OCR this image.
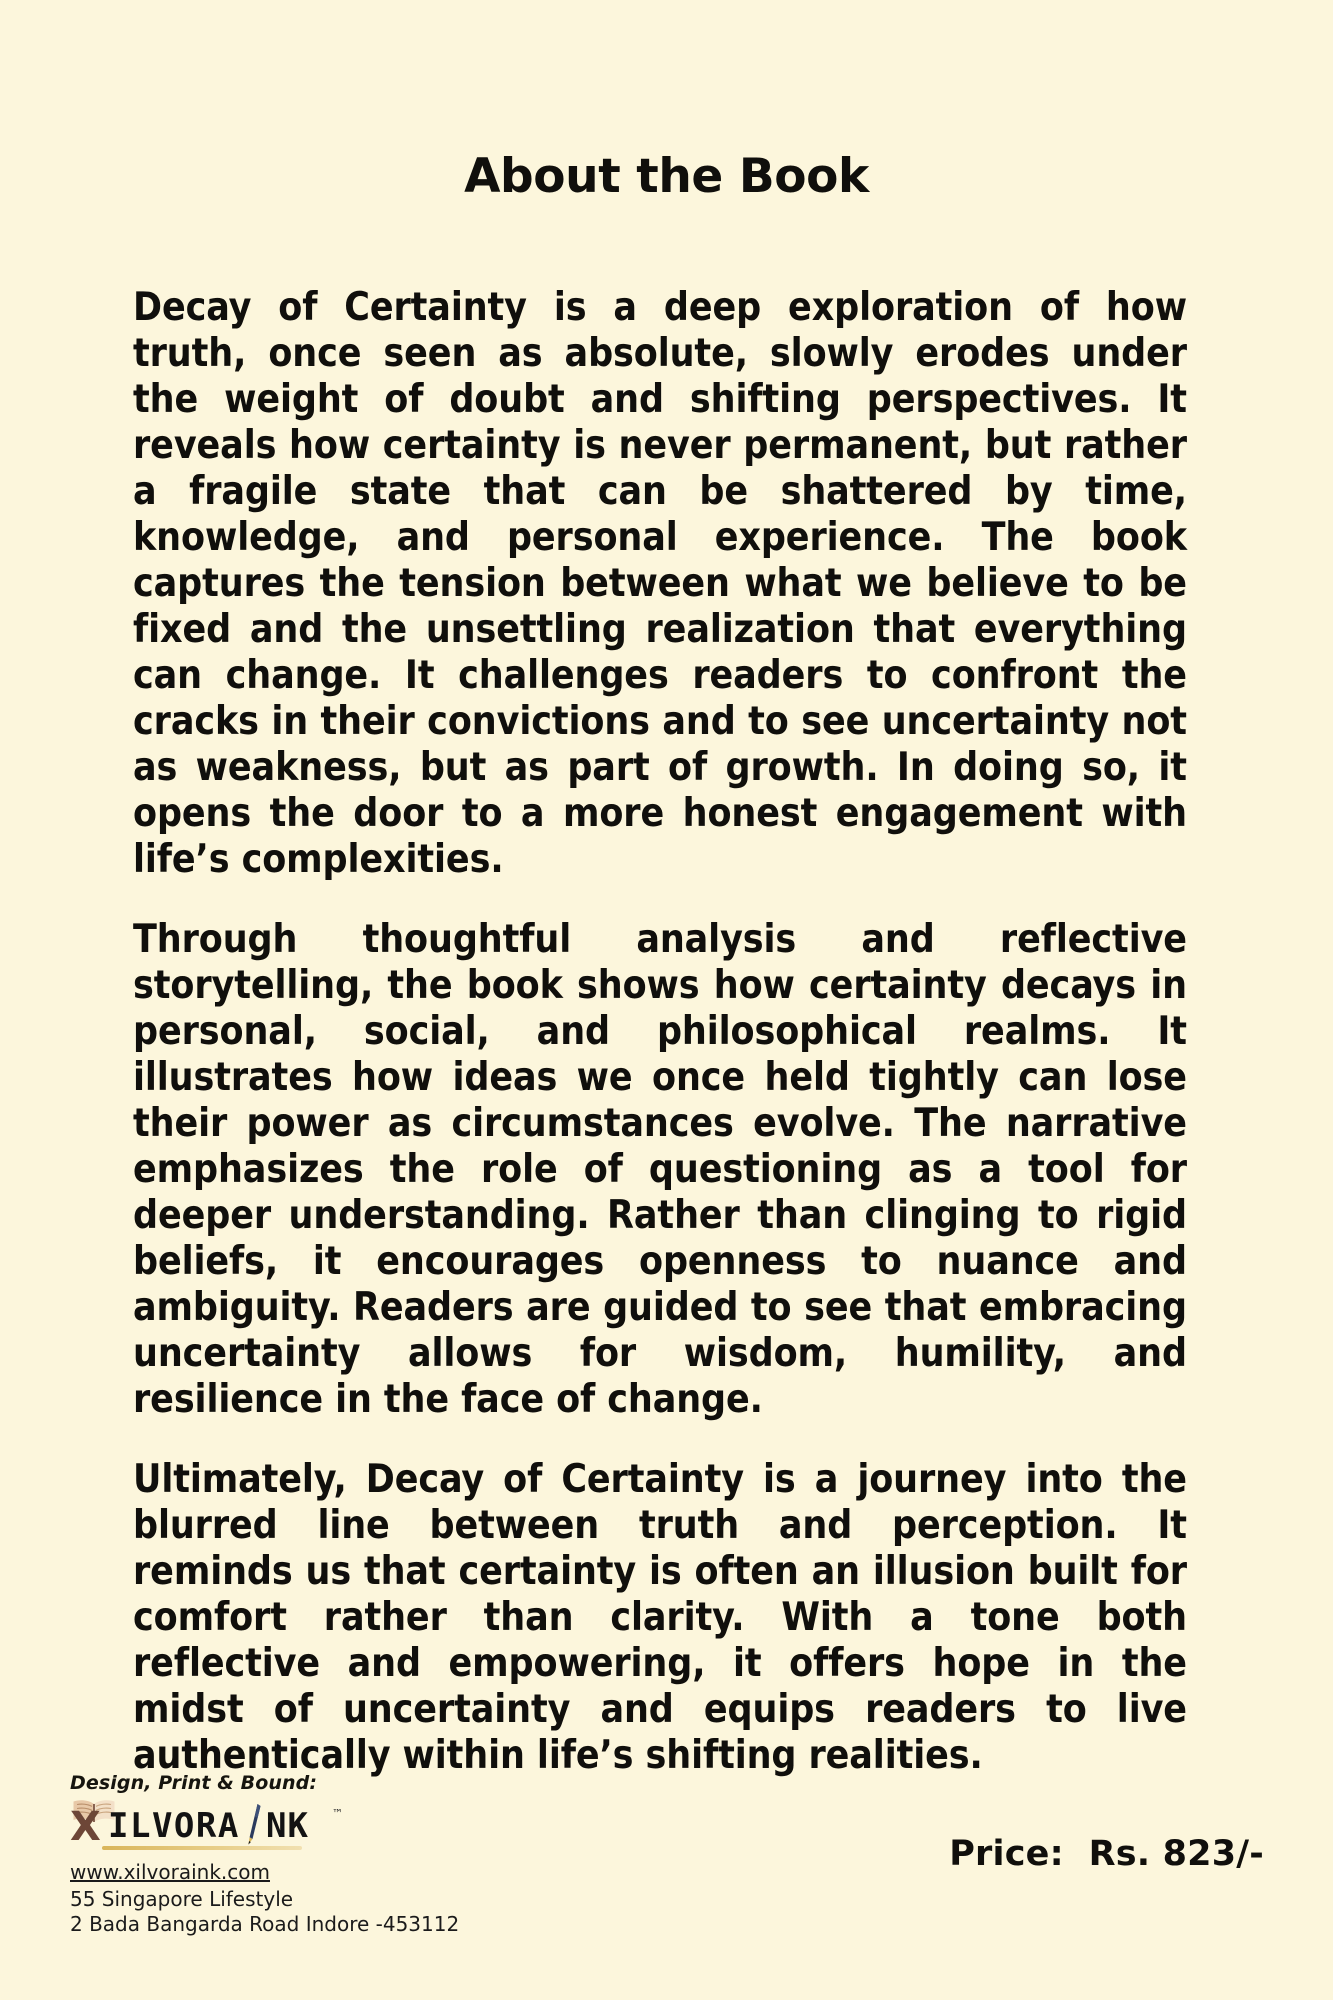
About the Book

Decay of Certainty is a deep exploration of how truth, once seen as absolute, slowly erodes under the weight of doubt and shifting perspectives. It reveals how certainty is never permanent, but rather a fragile state that can be shattered by time, knowledge, and personal experience. The book captures the tension between what we believe to be fixed and the unsettling realization that everything can change. It challenges readers to confront the cracks in their convictions and to see uncertainty not as weakness, but as part of growth. In doing so, it opens the door to a more honest engagement with life’s complexities.

Through thoughtful analysis and reflective storytelling, the book shows how certainty decays in personal, social, and philosophical realms. It illustrates how ideas we once held tightly can lose their power as circumstances evolve. The narrative emphasizes the role of questioning as a tool for deeper understanding. Rather than clinging to rigid beliefs, it encourages openness to nuance and ambiguity. Readers are guided to see that embracing uncertainty allows for wisdom, humility, and resilience in the face of change.

Ultimately, Decay of Certainty is a journey into the blurred line between truth and perception. It reminds us that certainty is often an illusion built for comfort rather than clarity. With a tone both reflective and empowering, it offers hope in the midst of uncertainty and equips readers to live authentically within life’s shifting realities.

Design, Print & Bound:
X ILVORA NK ™
www.xilvoraink.com
55 Singapore Lifestyle
2 Bada Bangarda Road Indore -453112
Price:  Rs. 823/-
